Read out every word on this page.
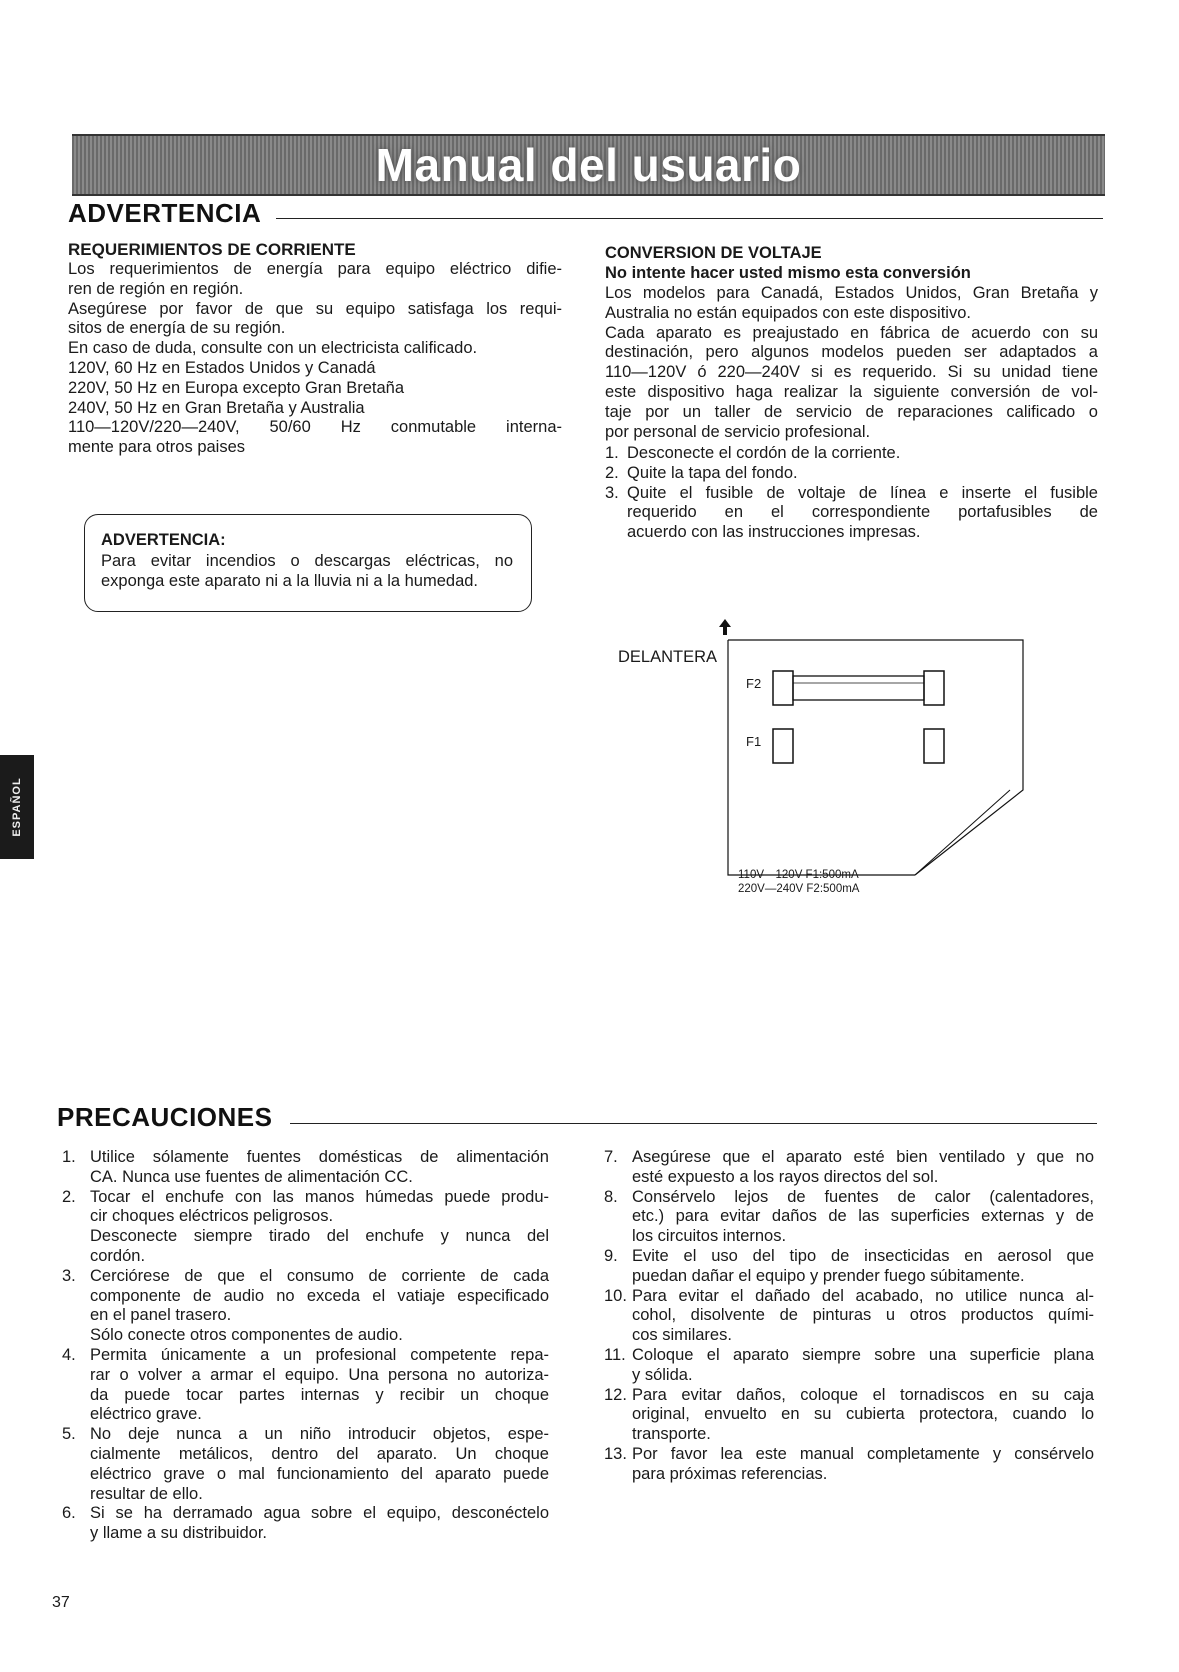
Manual del usuario
ADVERTENCIA
REQUERIMIENTOS DE CORRIENTE
Los requerimientos de energía para equipo eléctrico difie-
ren de región en región.
Asegúrese por favor de que su equipo satisfaga los requi-
sitos de energía de su región.
En caso de duda, consulte con un electricista calificado.
120V, 60 Hz en Estados Unidos y Canadá
220V, 50 Hz en Europa excepto Gran Bretaña
240V, 50 Hz en Gran Bretaña y Australia
110—120V/220—240V, 50/60 Hz conmutable interna-
mente para otros paises
ADVERTENCIA:
Para evitar incendios o descargas eléctricas, no
exponga este aparato ni a la lluvia ni a la humedad.
CONVERSION DE VOLTAJE
No intente hacer usted mismo esta conversión
Los modelos para Canadá, Estados Unidos, Gran Bretaña y
Australia no están equipados con este dispositivo.
Cada aparato es preajustado en fábrica de acuerdo con su
destinación, pero algunos modelos pueden ser adaptados a
110—120V ó 220—240V si es requerido. Si su unidad tiene
este dispositivo haga realizar la siguiente conversión de vol-
taje por un taller de servicio de reparaciones calificado o
por personal de servicio profesional.
1. Desconecte el cordón de la corriente.
2. Quite la tapa del fondo.
3. Quite el fusible de voltaje de línea e inserte el fusible
requerido en el correspondiente portafusibles de
acuerdo con las instrucciones impresas.
DELANTERA
F2
F1
110V—120V F1:500mA
220V—240V F2:500mA
ESPAÑOL
PRECAUCIONES
1. Utilice sólamente fuentes domésticas de alimentación
CA. Nunca use fuentes de alimentación CC.
2. Tocar el enchufe con las manos húmedas puede produ-
cir choques eléctricos peligrosos.
Desconecte siempre tirado del enchufe y nunca del
cordón.
3. Cerciórese de que el consumo de corriente de cada
componente de audio no exceda el vatiaje especificado
en el panel trasero.
Sólo conecte otros componentes de audio.
4. Permita únicamente a un profesional competente repa-
rar o volver a armar el equipo. Una persona no autoriza-
da puede tocar partes internas y recibir un choque
eléctrico grave.
5. No deje nunca a un niño introducir objetos, espe-
cialmente metálicos, dentro del aparato. Un choque
eléctrico grave o mal funcionamiento del aparato puede
resultar de ello.
6. Si se ha derramado agua sobre el equipo, desconéctelo
y llame a su distribuidor.
7. Asegúrese que el aparato esté bien ventilado y que no
esté expuesto a los rayos directos del sol.
8. Consérvelo lejos de fuentes de calor (calentadores,
etc.) para evitar daños de las superficies externas y de
los circuitos internos.
9. Evite el uso del tipo de insecticidas en aerosol que
puedan dañar el equipo y prender fuego súbitamente.
10. Para evitar el dañado del acabado, no utilice nunca al-
cohol, disolvente de pinturas u otros productos quími-
cos similares.
11. Coloque el aparato siempre sobre una superficie plana
y sólida.
12. Para evitar daños, coloque el tornadiscos en su caja
original, envuelto en su cubierta protectora, cuando lo
transporte.
13. Por favor lea este manual completamente y consérvelo
para próximas referencias.
37
